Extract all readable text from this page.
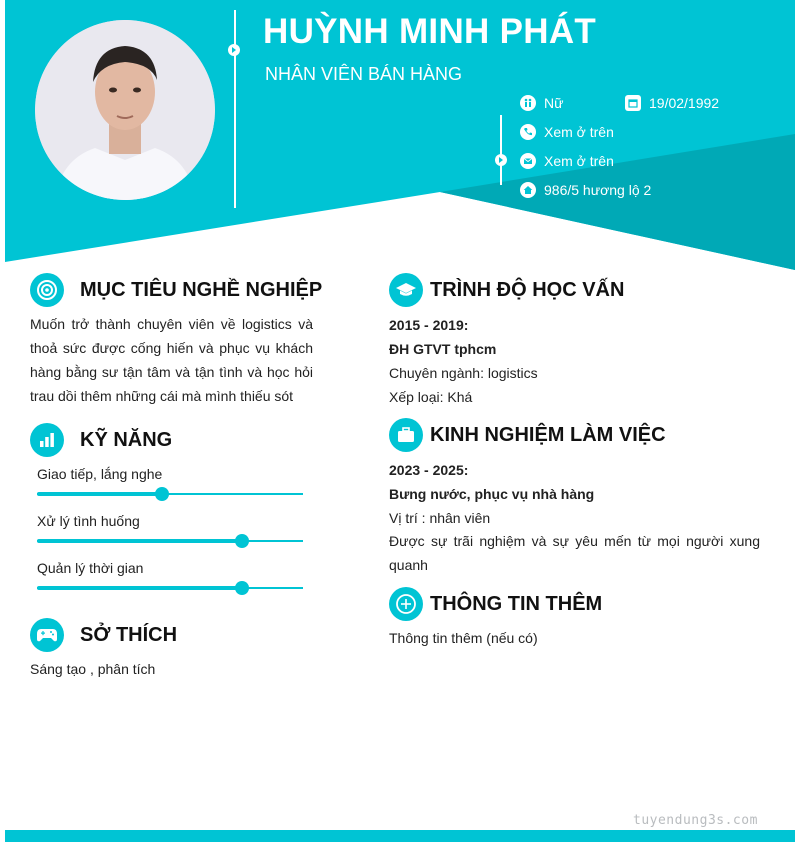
HUỲNH MINH PHÁT
NHÂN VIÊN BÁN HÀNG
Nữ	19/02/1992
Xem ở trên
Xem ở trên
986/5 hương lộ 2
MỤC TIÊU NGHỀ NGHIỆP
Muốn trở thành chuyên viên về logistics và thoả sức được cống hiến và phục vụ khách hàng bằng sư tận tâm và tận tình và học hỏi trau dồi thêm những cái mà mình thiếu sót
KỸ NĂNG
Giao tiếp, lắng nghe
Xử lý tình huống
Quản lý thời gian
SỞ THÍCH
Sáng tạo , phân tích
TRÌNH ĐỘ HỌC VẤN
2015 - 2019:
ĐH GTVT tphcm
Chuyên ngành: logistics
Xếp loại: Khá
KINH NGHIỆM LÀM VIỆC
2023 - 2025:
Bưng nước, phục vụ nhà hàng
Vị trí : nhân viên
Được sự trãi nghiệm và sự yêu mến từ mọi người xung quanh
THÔNG TIN THÊM
Thông tin thêm (nếu có)
tuyendung3s.com
